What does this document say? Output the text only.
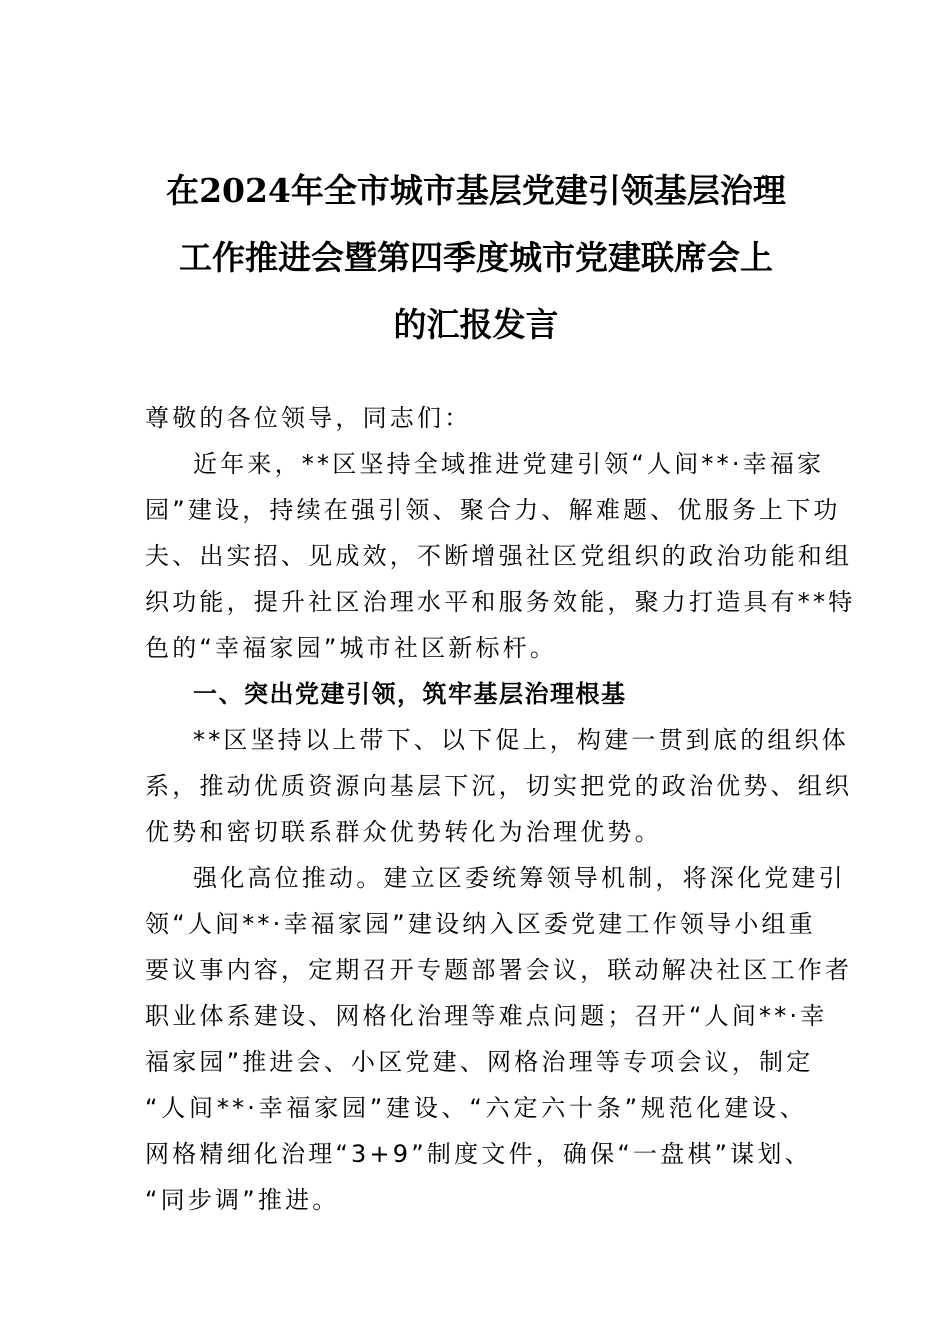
在2024年全市城市基层党建引领基层治理
工作推进会暨第四季度城市党建联席会上
的汇报发言
尊敬的各位领导，同志们：
近年来，**区坚持全域推进党建引领“人间**·幸福家
园”建设，持续在强引领、聚合力、解难题、优服务上下功
夫、出实招、见成效，不断增强社区党组织的政治功能和组
织功能，提升社区治理水平和服务效能，聚力打造具有**特
色的“幸福家园”城市社区新标杆。
一、突出党建引领，筑牢基层治理根基
**区坚持以上带下、以下促上，构建一贯到底的组织体
系，推动优质资源向基层下沉，切实把党的政治优势、组织
优势和密切联系群众优势转化为治理优势。
强化高位推动。建立区委统筹领导机制，将深化党建引
领“人间**·幸福家园”建设纳入区委党建工作领导小组重
要议事内容，定期召开专题部署会议，联动解决社区工作者
职业体系建设、网格化治理等难点问题；召开“人间**·幸
福家园”推进会、小区党建、网格治理等专项会议，制定
“人间**·幸福家园”建设、“六定六十条”规范化建设、
网格精细化治理“3+9”制度文件，确保“一盘棋”谋划、
“同步调”推进。
